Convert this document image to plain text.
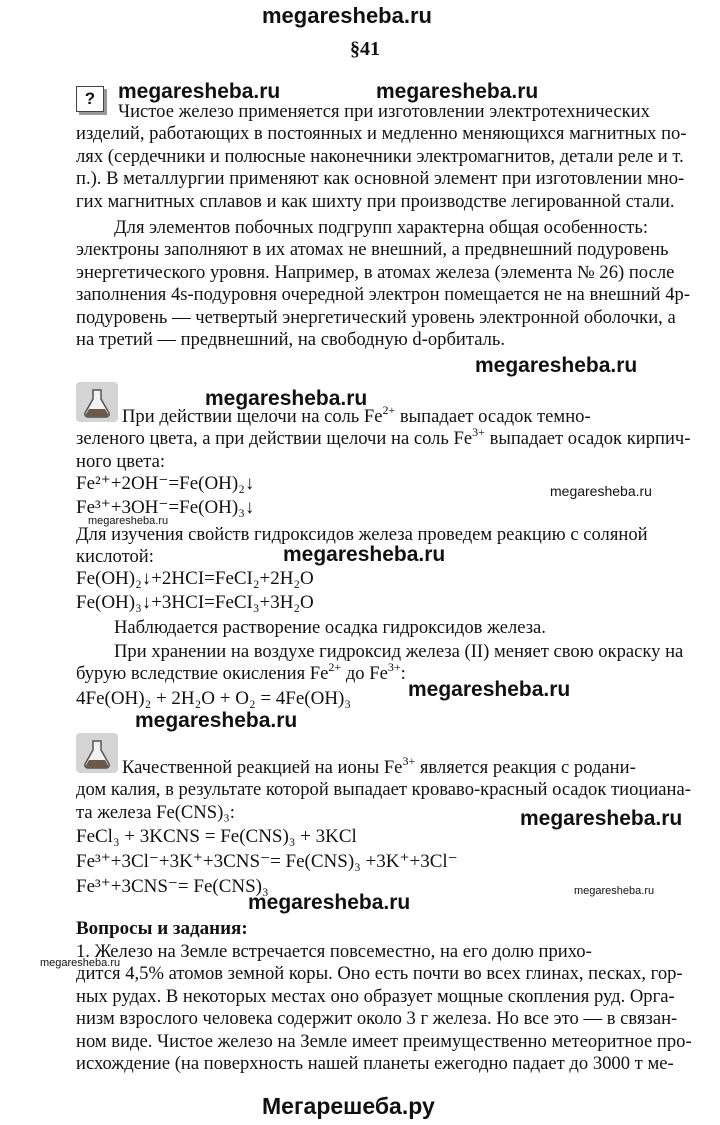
megaresheba.ru
§41
?	megaresheba.ru	megaresheba.ru
Чистое железо применяется при изготовлении электротехнических
изделий, работающих в постоянных и медленно меняющихся магнитных по-
лях (сердечники и полюсные наконечники электромагнитов, детали реле и т.
п.). В металлургии применяют как основной элемент при изготовлении мно-
гих магнитных сплавов и как шихту при производстве легированной стали.
Для элементов побочных подгрупп характерна общая особенность:
электроны заполняют в их атомах не внешний, а предвнешний подуровень
энергетического уровня. Например, в атомах железа (элемента № 26) после
заполнения 4s-подуровня очередной электрон помещается не на внешний 4р-
подуровень — четвертый энергетический уровень электронной оболочки, а
на третий — предвнешний, на свободную d-орбиталь.
megaresheba.ru
megaresheba.ru
При действии щелочи на соль $Fe^{2+}$ выпадает осадок темно-
зеленого цвета, а при действии щелочи на соль $Fe^{3+}$ выпадает осадок кирпич-
ного цвета:
Fe²⁺+2OH⁻=Fe(OH)₂↓
Fe³⁺+3OH⁻=Fe(OH)₃↓
megaresheba.ru
megaresheba.ru
Для изучения свойств гидроксидов железа проведем реакцию с соляной
кислотой:	megaresheba.ru
Fe(OH)₂↓+2HCI=FeCI₂+2H₂O
Fe(OH)₃↓+3HCI=FeCI₃+3H₂O
Наблюдается растворение осадка гидроксидов железа.
При хранении на воздухе гидроксид железа (II) меняет свою окраску на
бурую вследствие окисления $Fe^{2+}$ до $Fe^{3+}$:
4Fe(OH)₂ + 2H₂O + O₂ = 4Fe(OH)₃	megaresheba.ru
megaresheba.ru
Качественной реакцией на ионы $Fe^{3+}$ является реакция с родани-
дом калия, в результате которой выпадает кроваво-красный осадок тиоциана-
та железа Fe(CNS)₃:
FeCl₃ + 3KCNS = Fe(CNS)₃ + 3KCl
Fe³⁺+3Cl⁻+3K⁺+3CNS⁻= Fe(CNS)₃ +3K⁺+3Cl⁻
Fe³⁺+3CNS⁻= Fe(CNS)₃
megaresheba.ru
Вопросы и задания:
megaresheba.ru	megaresheba.ru
megaresheba.ru
1. Железо на Земле встречается повсеместно, на его долю прихо-
дится 4,5% атомов земной коры. Оно есть почти во всех глинах, песках, гор-
ных рудах. В некоторых местах оно образует мощные скопления руд. Орга-
низм взрослого человека содержит около 3 г железа. Но все это — в связан-
ном виде. Чистое железо на Земле имеет преимущественно метеоритное про-
исхождение (на поверхность нашей планеты ежегодно падает до 3000 т ме-
Мегарешеба.ру
